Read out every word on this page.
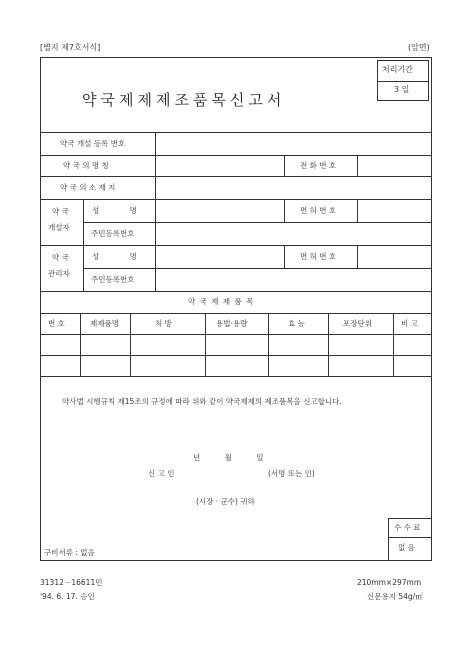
[별지 제7호서식]	(앞면)
약국제제제조품목신고서
처리기간
3 일
약국 개설 등록 번호
약 국 의 명 칭	전 화 번 호
약 국 의 소 재 지
약 국
개설자
성 명	면 허 번 호
주민등록번호
약 국
관리자
성 명	면 허 번 호
주민등록번호
약 국 제 제 품 목
번 호	제제품명	처 방	용법·용량	효 능	포장단위	비 고
약사법 시행규칙 제15조의 규정에 따라 위와 같이 약국제제의 제조품목을 신고합니다.
년 월 일
신 고 인	(서명 또는 인)
(시장 · 군수) 귀하
수 수 료
없 음
구비서류 : 없음
31312－16611민	210mm×297mm
'94. 6. 17. 승인	신문용지 54g/㎡
